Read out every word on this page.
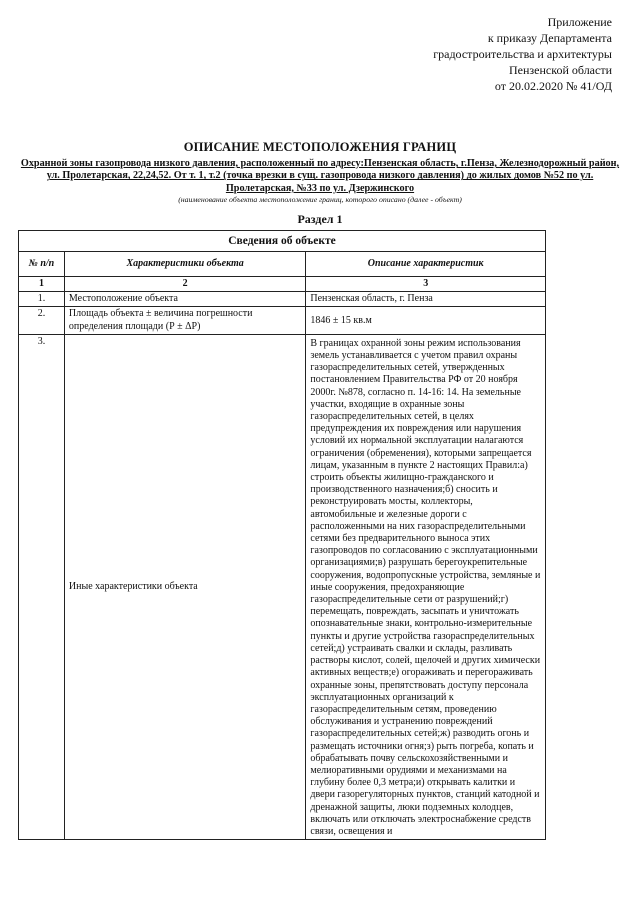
Приложение
к приказу Департамента
градостроительства и архитектуры
Пензенской области
от 20.02.2020 № 41/ОД
ОПИСАНИЕ МЕСТОПОЛОЖЕНИЯ ГРАНИЦ
Охранной зоны газопровода низкого давления, расположенный по адресу:Пензенская область, г.Пенза, Железнодорожный район, ул. Пролетарская, 22,24,52. От т. 1, т.2 (точка врезки в сущ. газопровода низкого давления) до жилых домов №52 по ул. Пролетарская, №33 по ул. Дзержинского
(наименование объекта местоположение границ, которого описано (далее - объект)
Раздел 1
Сведения об объекте		
№ п/п	Характеристики объекта	Описание характеристик
1	2	3
1.	Местоположение объекта	Пензенская область, г. Пенза
2.	Площадь объекта ± величина погрешности определения площади (Р ± ΔР)	1846 ± 15 кв.м
3.	Иные характеристики объекта	В границах охранной зоны режим использования земель устанавливается с учетом правил охраны газораспределительных сетей, утвержденных постановлением Правительства РФ от 20 ноября 2000г. №878, согласно п. 14-16: 14. На земельные участки, входящие в охранные зоны газораспределительных сетей, в целях предупреждения их повреждения или нарушения условий их нормальной эксплуатации налагаются ограничения (обременения), которыми запрещается лицам, указанным в пункте 2 настоящих Правил:а) строить объекты жилищно-гражданского и производственного назначения;б) сносить и реконструировать мосты, коллекторы, автомобильные и железные дороги с расположенными на них газораспределительными сетями без предварительного выноса этих газопроводов по согласованию с эксплуатационными организациями;в) разрушать берегоукрепительные сооружения, водопропускные устройства, земляные и иные сооружения, предохраняющие газораспределительные сети от разрушений;г) перемещать, повреждать, засыпать и уничтожать опознавательные знаки, контрольно-измерительные пункты и другие устройства газораспределительных сетей;д) устраивать свалки и склады, разливать растворы кислот, солей, щелочей и других химически активных веществ;е) огораживать и перегораживать охранные зоны, препятствовать доступу персонала эксплуатационных организаций к газораспределительным сетям, проведению обслуживания и устранению повреждений газораспределительных сетей;ж) разводить огонь и размещать источники огня;з) рыть погреба, копать и обрабатывать почву сельскохозяйственными и мелиоративными орудиями и механизмами на глубину более 0,3 метра;и) открывать калитки и двери газорегуляторных пунктов, станций катодной и дренажной защиты, люки подземных колодцев, включать или отключать электроснабжение средств связи, освещения и
